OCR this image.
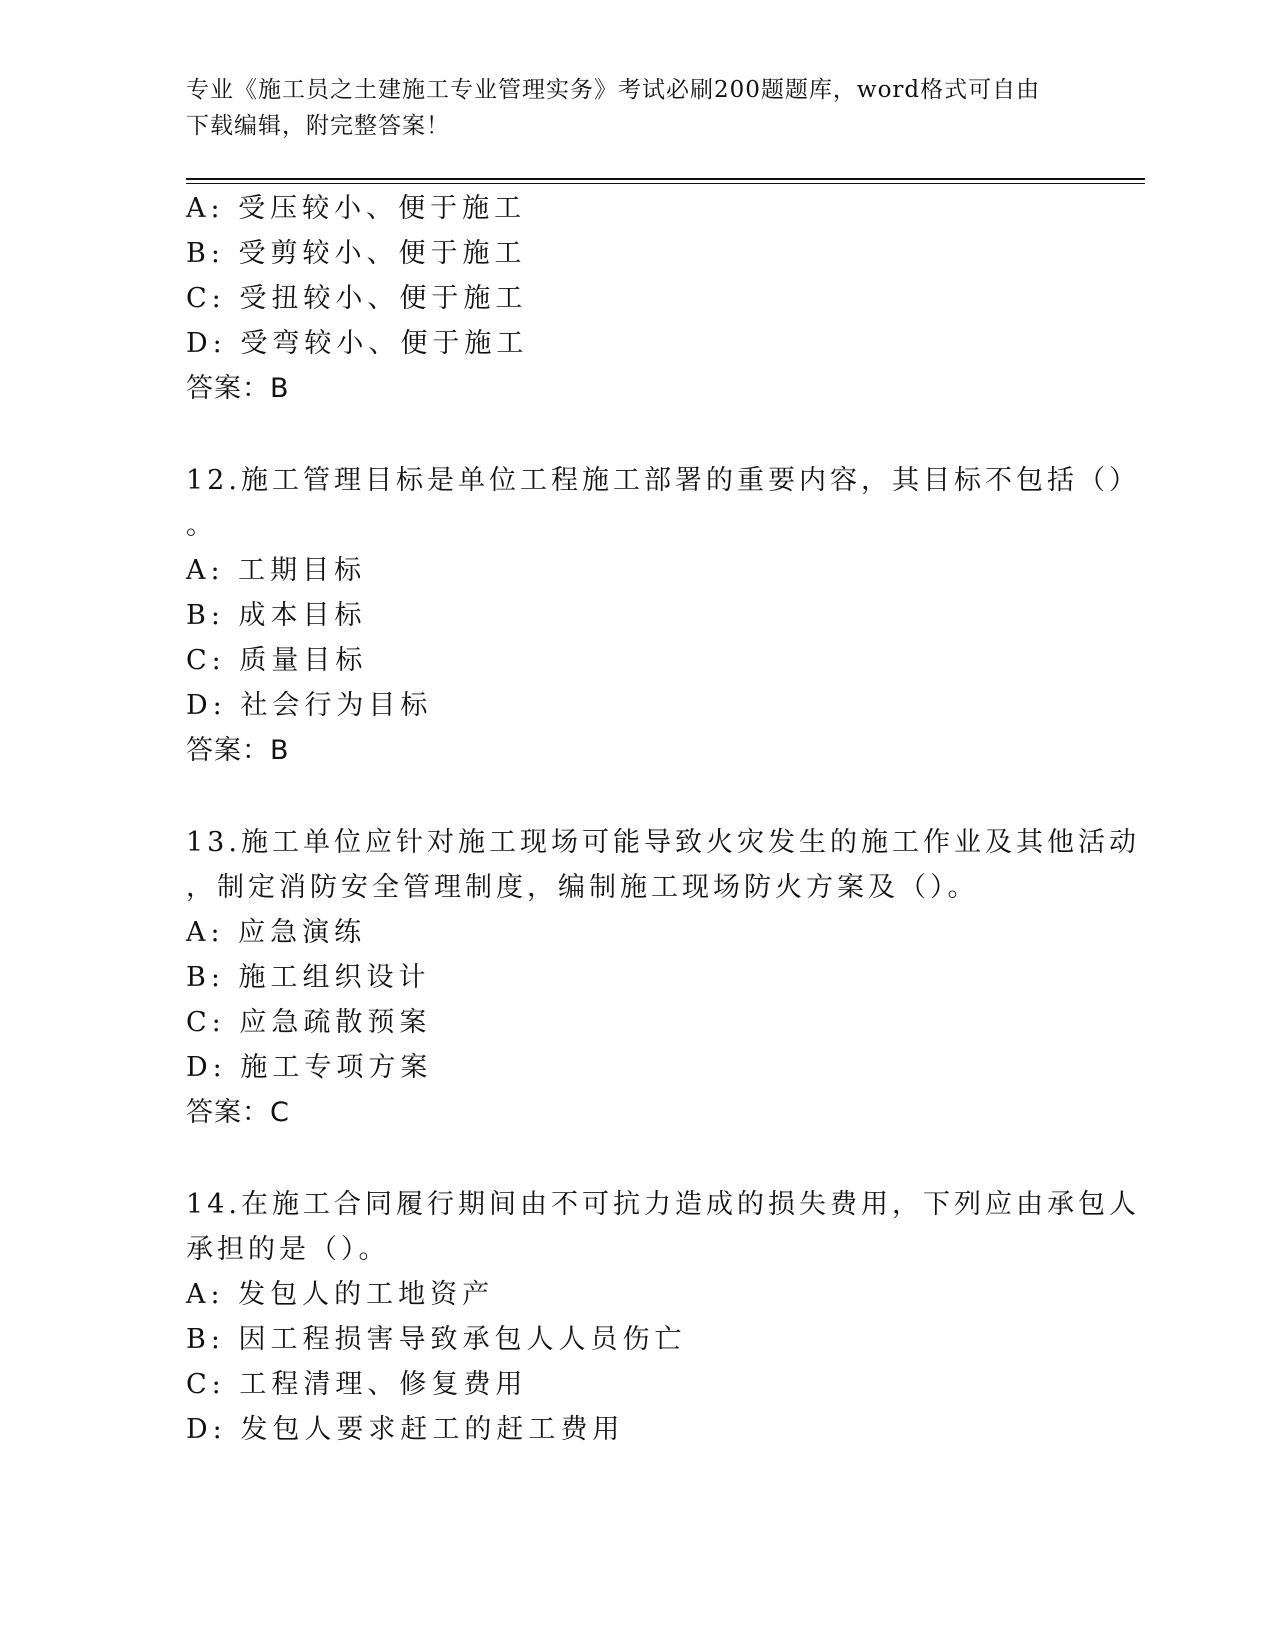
专业《施工员之土建施工专业管理实务》考试必刷200题题库，word格式可自由
下载编辑，附完整答案！
A: 受压较小、便于施工
B: 受剪较小、便于施工
C: 受扭较小、便于施工
D: 受弯较小、便于施工
答案：B
12.施工管理目标是单位工程施工部署的重要内容，其目标不包括（）
。
A: 工期目标
B: 成本目标
C: 质量目标
D: 社会行为目标
答案：B
13.施工单位应针对施工现场可能导致火灾发生的施工作业及其他活动
，制定消防安全管理制度，编制施工现场防火方案及（）。
A: 应急演练
B: 施工组织设计
C: 应急疏散预案
D: 施工专项方案
答案：C
14.在施工合同履行期间由不可抗力造成的损失费用，下列应由承包人
承担的是（）。
A: 发包人的工地资产
B: 因工程损害导致承包人人员伤亡
C: 工程清理、修复费用
D: 发包人要求赶工的赶工费用
